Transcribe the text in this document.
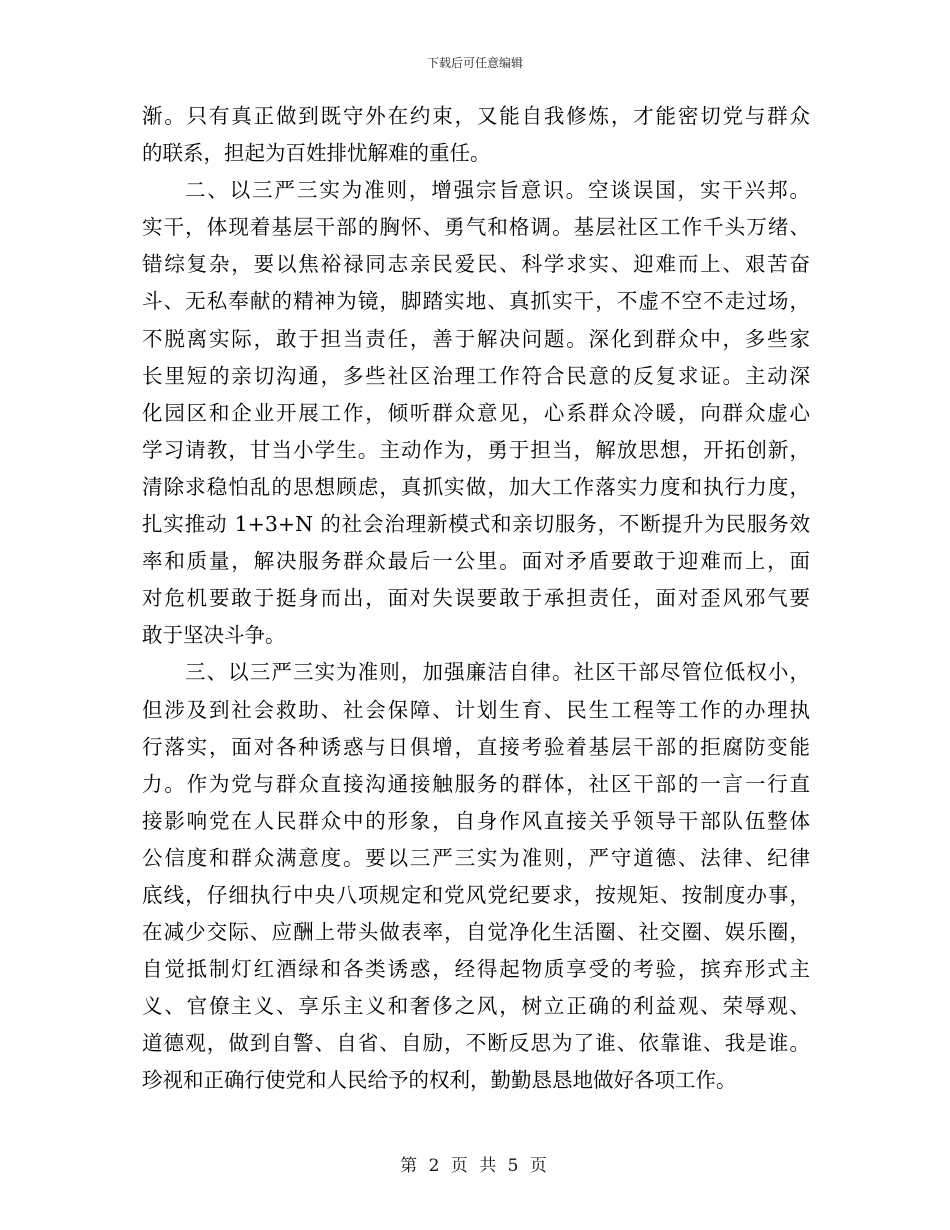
下载后可任意编辑
渐。只有真正做到既守外在约束，又能自我修炼，才能密切党与群众
的联系，担起为百姓排忧解难的重任。
二、以三严三实为准则，增强宗旨意识。空谈误国，实干兴邦。
实干，体现着基层干部的胸怀、勇气和格调。基层社区工作千头万绪、
错综复杂，要以焦裕禄同志亲民爱民、科学求实、迎难而上、艰苦奋
斗、无私奉献的精神为镜，脚踏实地、真抓实干，不虚不空不走过场，
不脱离实际，敢于担当责任，善于解决问题。深化到群众中，多些家
长里短的亲切沟通，多些社区治理工作符合民意的反复求证。主动深
化园区和企业开展工作，倾听群众意见，心系群众冷暖，向群众虚心
学习请教，甘当小学生。主动作为，勇于担当，解放思想，开拓创新，
清除求稳怕乱的思想顾虑，真抓实做，加大工作落实力度和执行力度，
扎实推动 1+3+N 的社会治理新模式和亲切服务，不断提升为民服务效
率和质量，解决服务群众最后一公里。面对矛盾要敢于迎难而上，面
对危机要敢于挺身而出，面对失误要敢于承担责任，面对歪风邪气要
敢于坚决斗争。
三、以三严三实为准则，加强廉洁自律。社区干部尽管位低权小，
但涉及到社会救助、社会保障、计划生育、民生工程等工作的办理执
行落实，面对各种诱惑与日俱增，直接考验着基层干部的拒腐防变能
力。作为党与群众直接沟通接触服务的群体，社区干部的一言一行直
接影响党在人民群众中的形象，自身作风直接关乎领导干部队伍整体
公信度和群众满意度。要以三严三实为准则，严守道德、法律、纪律
底线，仔细执行中央八项规定和党风党纪要求，按规矩、按制度办事，
在减少交际、应酬上带头做表率，自觉净化生活圈、社交圈、娱乐圈，
自觉抵制灯红酒绿和各类诱惑，经得起物质享受的考验，摈弃形式主
义、官僚主义、享乐主义和奢侈之风，树立正确的利益观、荣辱观、
道德观，做到自警、自省、自励，不断反思为了谁、依靠谁、我是谁。
珍视和正确行使党和人民给予的权利，勤勤恳恳地做好各项工作。
第 2 页 共 5 页
